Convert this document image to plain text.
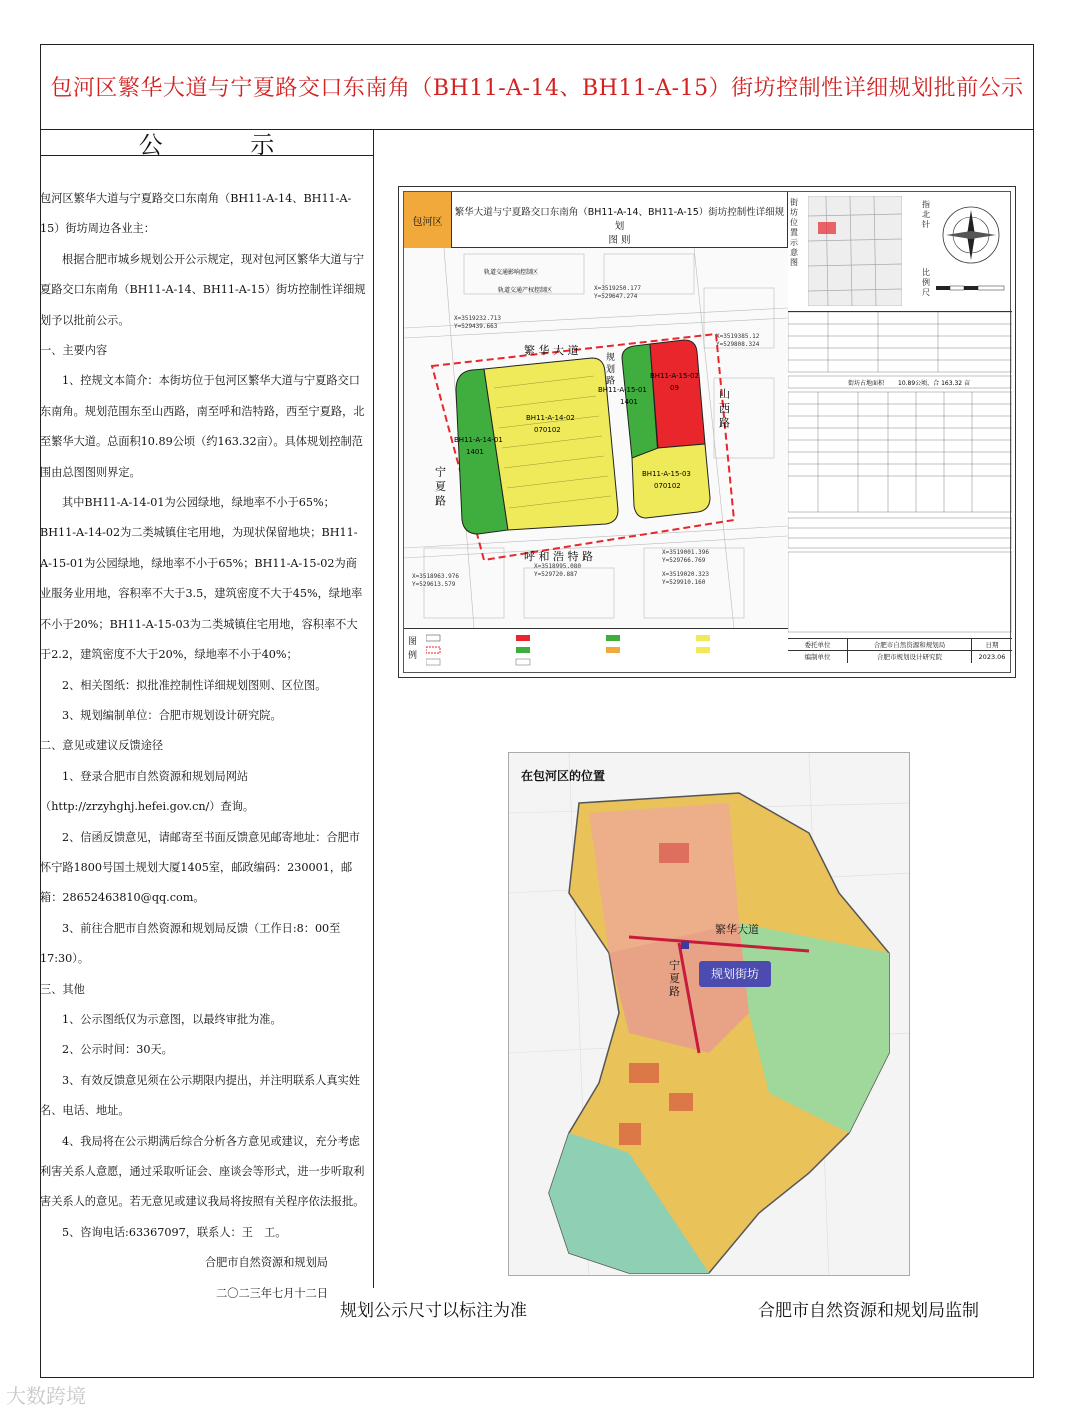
包河区繁华大道与宁夏路交口东南角（BH11-A-14、BH11-A-15）街坊控制性详细规划批前公示
公 示

包河区繁华大道与宁夏路交口东南角（BH11-A-14、BH11-A-15）街坊周边各业主：

根据合肥市城乡规划公开公示规定，现对包河区繁华大道与宁夏路交口东南角（BH11-A-14、BH11-A-15）街坊控制性详细规划予以批前公示。

一、主要内容

1、控规文本简介：本街坊位于包河区繁华大道与宁夏路交口东南角。规划范围东至山西路，南至呼和浩特路，西至宁夏路，北至繁华大道。总面积10.89公顷（约163.32亩）。具体规划控制范围由总图图则界定。

其中BH11-A-14-01为公园绿地，绿地率不小于65%；BH11-A-14-02为二类城镇住宅用地，为现状保留地块；BH11-A-15-01为公园绿地，绿地率不小于65%；BH11-A-15-02为商业服务业用地，容积率不大于3.5，建筑密度不大于45%，绿地率不小于20%；BH11-A-15-03为二类城镇住宅用地，容积率不大于2.2，建筑密度不大于20%，绿地率不小于40%；

2、相关图纸：拟批准控制性详细规划图则、区位图。

3、规划编制单位：合肥市规划设计研究院。

二、意见或建议反馈途径

1、登录合肥市自然资源和规划局网站（http://zrzyhghj.hefei.gov.cn/）查询。

2、信函反馈意见，请邮寄至书面反馈意见邮寄地址：合肥市怀宁路1800号国土规划大厦1405室，邮政编码：230001，邮箱：28652463810@qq.com。

3、前往合肥市自然资源和规划局反馈（工作日:8：00至17:30）。

三、其他

1、公示图纸仅为示意图，以最终审批为准。

2、公示时间：30天。

3、有效反馈意见须在公示期限内提出，并注明联系人真实姓名、电话、地址。

4、我局将在公示期满后综合分析各方意见或建议，充分考虑利害关系人意愿，通过采取听证会、座谈会等形式，进一步听取利害关系人的意见。若无意见或建议我局将按照有关程序依法报批。

5、咨询电话:63367097，联系人：王　工。

合肥市自然资源和规划局

二〇二三年七月十二日

包河区
繁华大道与宁夏路交口东南角（BH11-A-14、BH11-A-15）街坊控制性详细规划
图 则
繁 华 大 道
宁 夏 路
山 西 路
呼 和 浩 特 路
规 划 路
BH11-A-14-01
1401
BH11-A-14-02
070102
BH11-A-15-01
1401
BH11-A-15-02
09
BH11-A-15-03
070102
X=3519250.177
Y=529647.274
X=3519232.713
Y=529439.663
X=3519385.12
Y=529808.324
X=3519001.396
Y=529766.769
X=3518995.080
Y=529720.887	X=3519020.323
Y=529910.160
X=3518963.976
Y=529613.579
轨道交通影响控制区
轨道交通产权控制区
街坊位置示意图
指北针
比例尺
街坊占地面积 10.89公顷，合 163.32 亩
图 例
委托单位	合肥市自然资源和规划局	日期
编制单位	合肥市规划设计研究院	2023.06
在包河区的位置
繁华大道
宁夏路
规划街坊
规划公示尺寸以标注为准	合肥市自然资源和规划局监制
大数跨境
